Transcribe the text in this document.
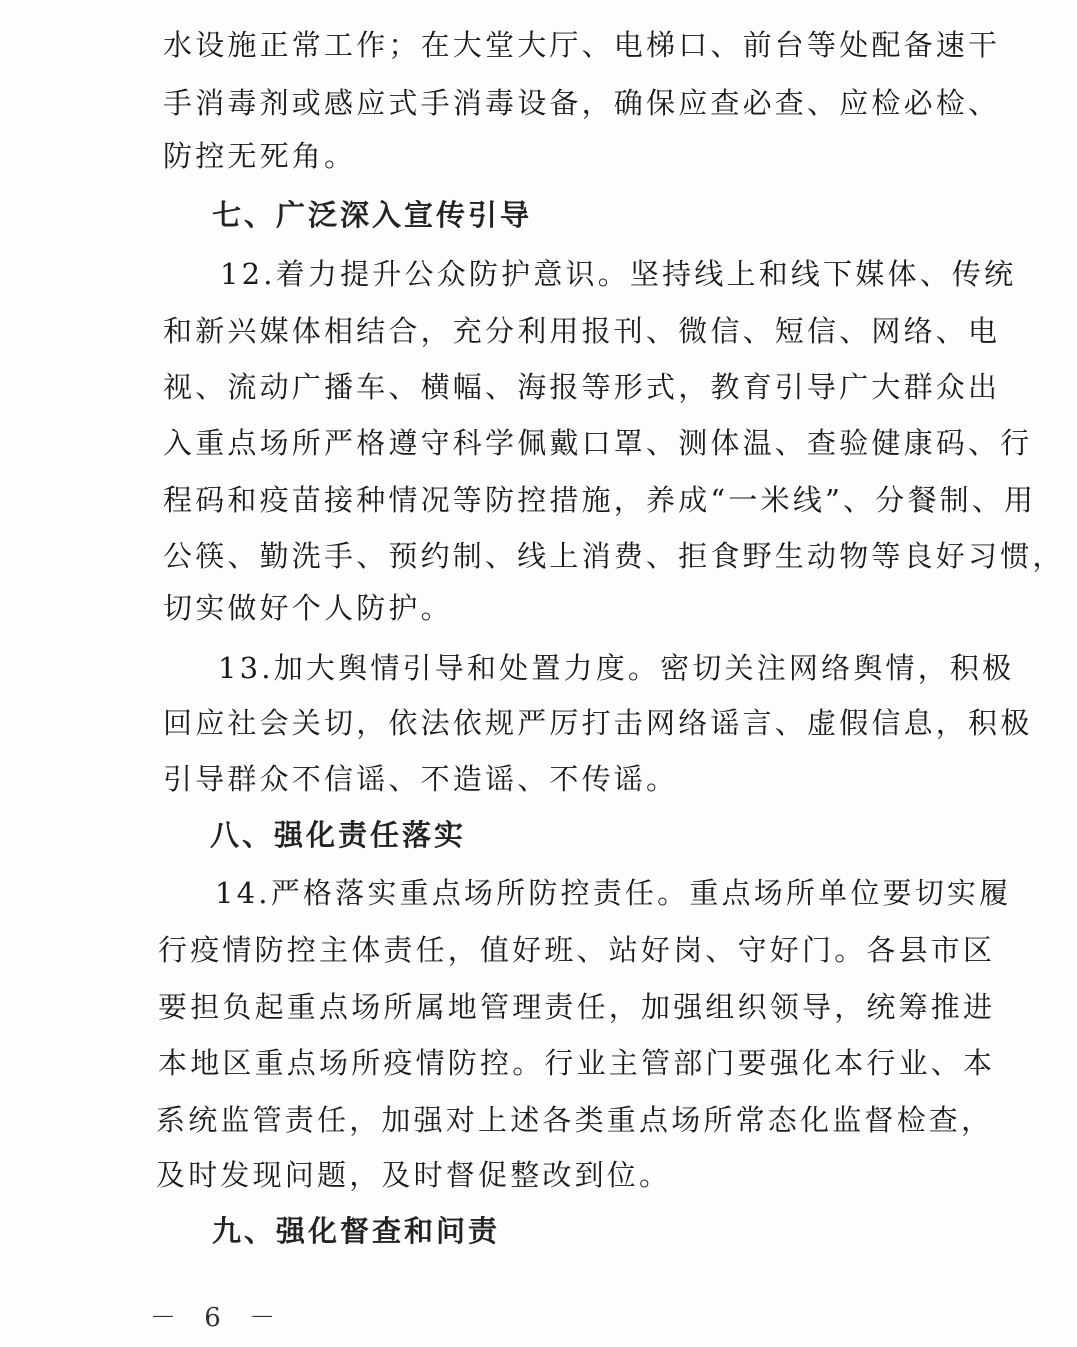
水设施正常工作；在大堂大厅、电梯口、前台等处配备速干
手消毒剂或感应式手消毒设备，确保应查必查、应检必检、
防控无死角。
七、广泛深入宣传引导
12.着力提升公众防护意识。坚持线上和线下媒体、传统
和新兴媒体相结合，充分利用报刊、微信、短信、网络、电
视、流动广播车、横幅、海报等形式，教育引导广大群众出
入重点场所严格遵守科学佩戴口罩、测体温、查验健康码、行
程码和疫苗接种情况等防控措施，养成“一米线”、分餐制、用
公筷、勤洗手、预约制、线上消费、拒食野生动物等良好习惯，
切实做好个人防护。
13.加大舆情引导和处置力度。密切关注网络舆情，积极
回应社会关切，依法依规严厉打击网络谣言、虚假信息，积极
引导群众不信谣、不造谣、不传谣。
八、强化责任落实
14.严格落实重点场所防控责任。重点场所单位要切实履
行疫情防控主体责任，值好班、站好岗、守好门。各县市区
要担负起重点场所属地管理责任，加强组织领导，统筹推进
本地区重点场所疫情防控。行业主管部门要强化本行业、本
系统监管责任，加强对上述各类重点场所常态化监督检查，
及时发现问题，及时督促整改到位。
九、强化督查和问责
－ 6 －
